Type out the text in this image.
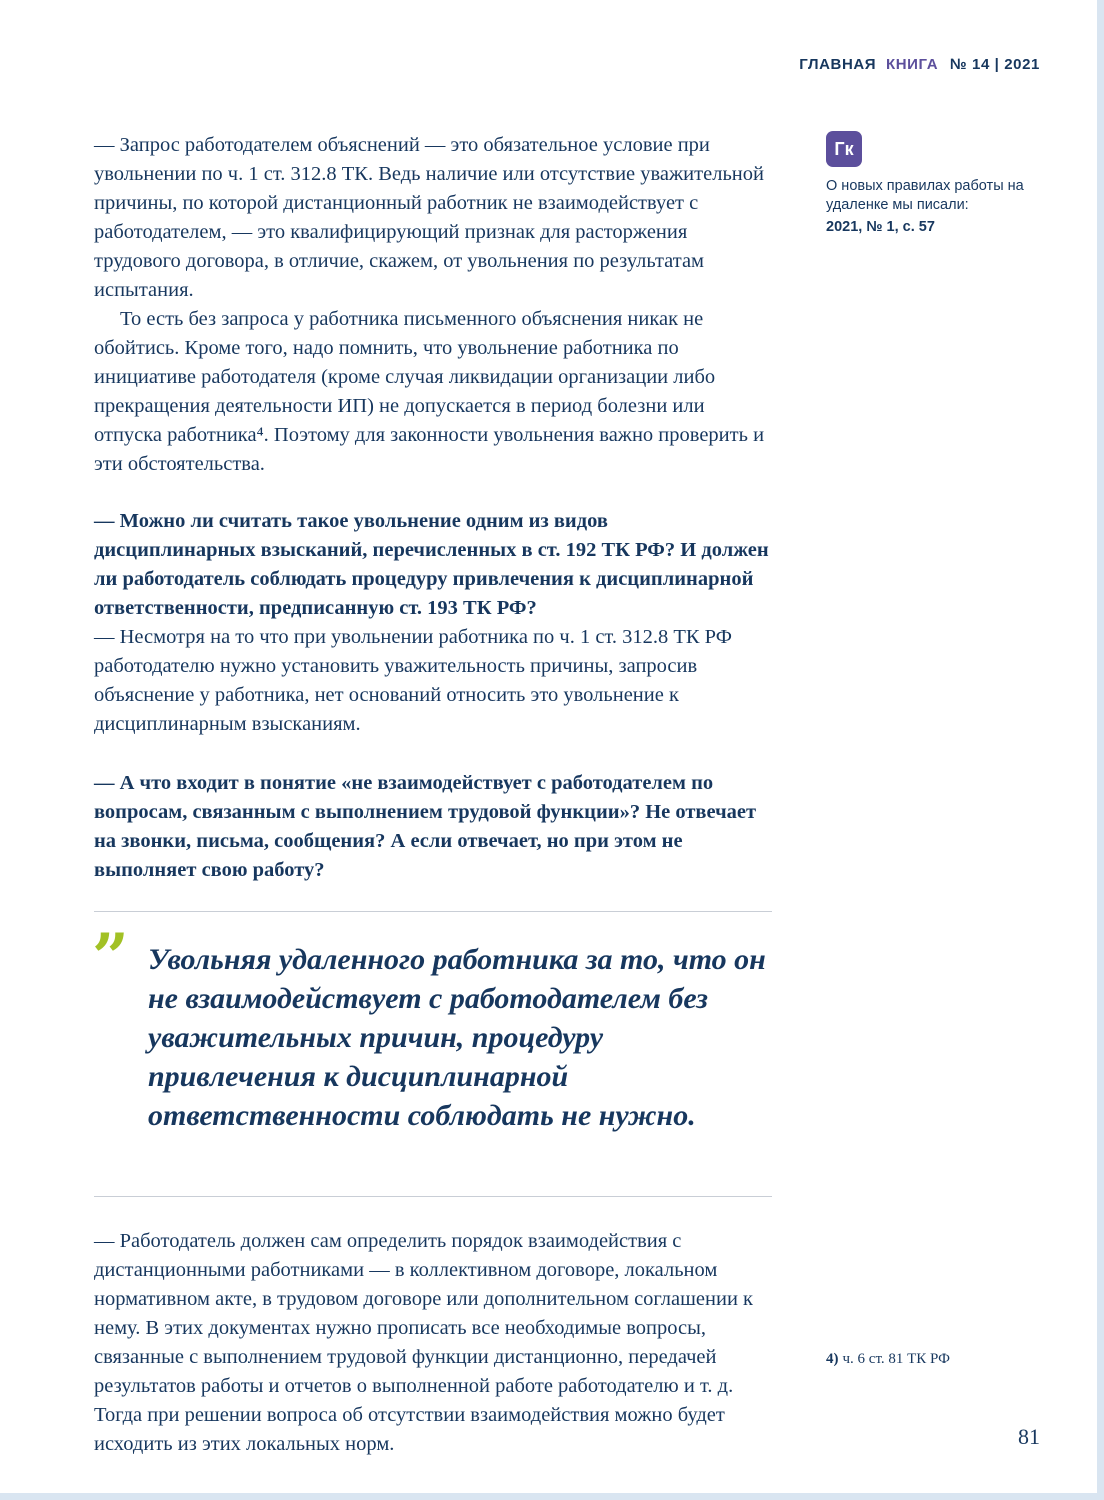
ГЛАВНАЯ КНИГА № 14 | 2021

— Запрос работодателем объяснений — это обязательное условие при увольнении по ч. 1 ст. 312.8 ТК. Ведь наличие или отсутствие уважительной причины, по которой дистанционный работник не взаимодействует с работодателем, — это квалифицирующий признак для расторжения трудового договора, в отличие, скажем, от увольнения по результатам испытания.

То есть без запроса у работника письменного объяснения никак не обойтись. Кроме того, надо помнить, что увольнение работника по инициативе работодателя (кроме случая ликвидации организации либо прекращения деятельности ИП) не допускается в период болезни или отпуска работника⁴. Поэтому для законности увольнения важно проверить и эти обстоятельства.

— Можно ли считать такое увольнение одним из видов дисциплинарных взысканий, перечисленных в ст. 192 ТК РФ? И должен ли работодатель соблюдать процедуру привлечения к дисциплинарной ответственности, предписанную ст. 193 ТК РФ?

— Несмотря на то что при увольнении работника по ч. 1 ст. 312.8 ТК РФ работодателю нужно установить уважительность причины, запросив объяснение у работника, нет оснований относить это увольнение к дисциплинарным взысканиям.

— А что входит в понятие «не взаимодействует с работодателем по вопросам, связанным с выполнением трудовой функции»? Не отвечает на звонки, письма, сообщения? А если отвечает, но при этом не выполняет свою работу?

” Увольняя удаленного работника за то, что он не взаимодействует с работодателем без уважительных причин, процедуру привлечения к дисциплинарной ответственности соблюдать не нужно.

— Работодатель должен сам определить порядок взаимодействия с дистанционными работниками — в коллективном договоре, локальном нормативном акте, в трудовом договоре или дополнительном соглашении к нему. В этих документах нужно прописать все необходимые вопросы, связанные с выполнением трудовой функции дистанционно, передачей результатов работы и отчетов о выполненной работе работодателю и т. д. Тогда при решении вопроса об отсутствии взаимодействия можно будет исходить из этих локальных норм.

Гк
О новых правилах работы на удаленке мы писали:
2021, № 1, с. 57
4) ч. 6 ст. 81 ТК РФ
81
